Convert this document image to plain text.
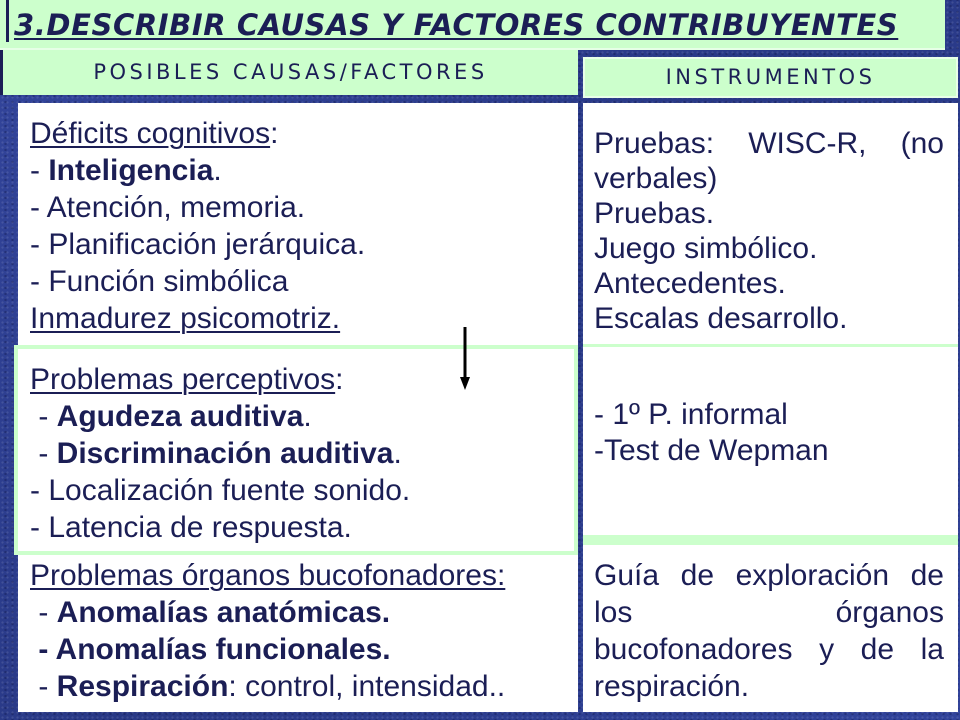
3.DESCRIBIR CAUSAS Y FACTORES CONTRIBUYENTES
POSIBLES CAUSAS/FACTORES	INSTRUMENTOS
Déficits cognitivos:
- Inteligencia.
- Atención, memoria.
- Planificación jerárquica.
- Función simbólica
Inmadurez psicomotriz.
Problemas perceptivos:
- Agudeza auditiva.
- Discriminación auditiva.
- Localización fuente sonido.
- Latencia de respuesta.
Problemas órganos bucofonadores:
- Anomalías anatómicas.
- Anomalías funcionales.
- Respiración: control, intensidad..

Pruebas: WISC-R, (no verbales)

Pruebas.

Juego simbólico.

Antecedentes.

Escalas desarrollo.

- 1º P. informal

-Test de Wepman

Guía de exploración de los órganos bucofonadores y de la respiración.
